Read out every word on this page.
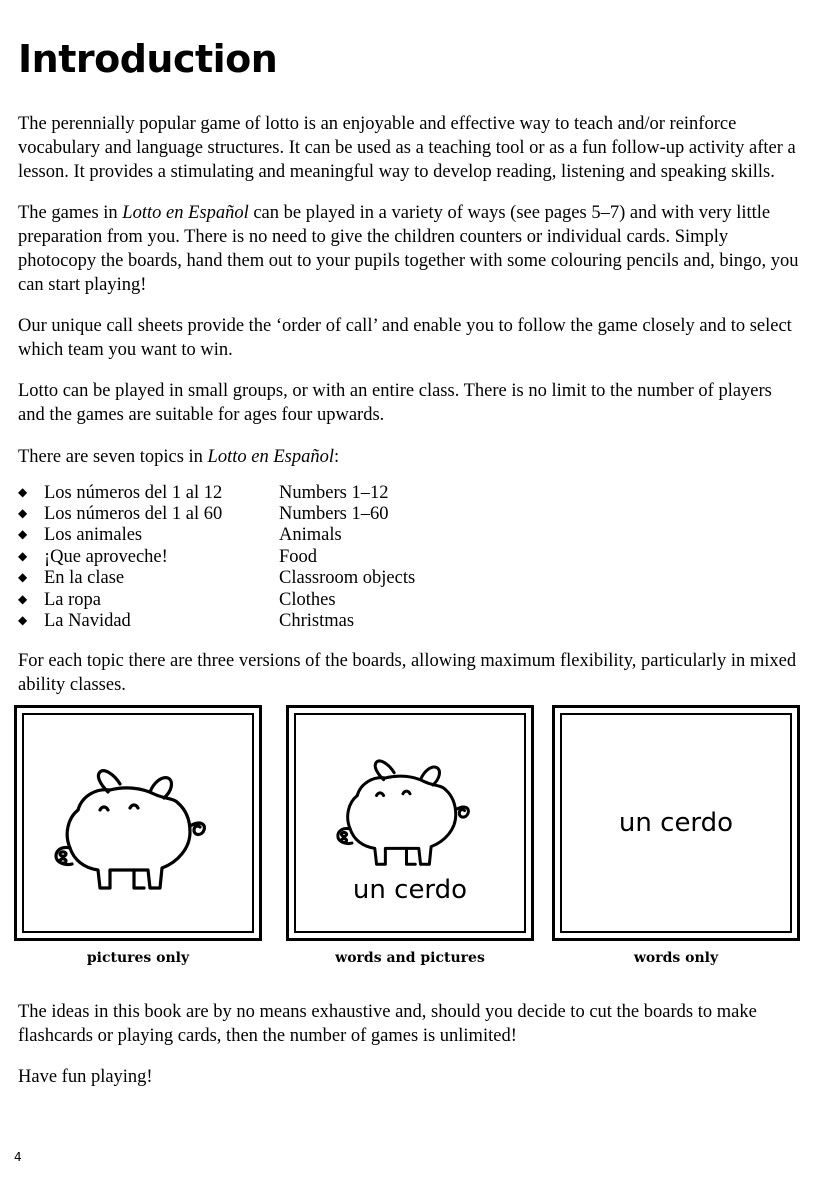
Introduction

The perennially popular game of lotto is an enjoyable and effective way to teach and/or reinforce vocabulary and language structures. It can be used as a teaching tool or as a fun follow-up activity after a lesson. It provides a stimulating and meaningful way to develop reading, listening and speaking skills.

The games in Lotto en Español can be played in a variety of ways (see pages 5–7) and with very little preparation from you. There is no need to give the children counters or individual cards. Simply photocopy the boards, hand them out to your pupils together with some colouring pencils and, bingo, you can start playing!

Our unique call sheets provide the ‘order of call’ and enable you to follow the game closely and to select which team you want to win.

Lotto can be played in small groups, or with an entire class. There is no limit to the number of players and the games are suitable for ages four upwards.

There are seven topics in Lotto en Español:

◆ Los números del 1 al 12	Numbers 1–12
◆ Los números del 1 al 60	Numbers 1–60
◆ Los animales	Animals
◆ ¡Que aproveche!	Food
◆ En la clase	Classroom objects
◆ La ropa	Clothes
◆ La Navidad	Christmas

For each topic there are three versions of the boards, allowing maximum flexibility, particularly in mixed ability classes.

un cerdo
un cerdo
pictures only	words and pictures	words only

The ideas in this book are by no means exhaustive and, should you decide to cut the boards to make flashcards or playing cards, then the number of games is unlimited!

Have fun playing!

4
